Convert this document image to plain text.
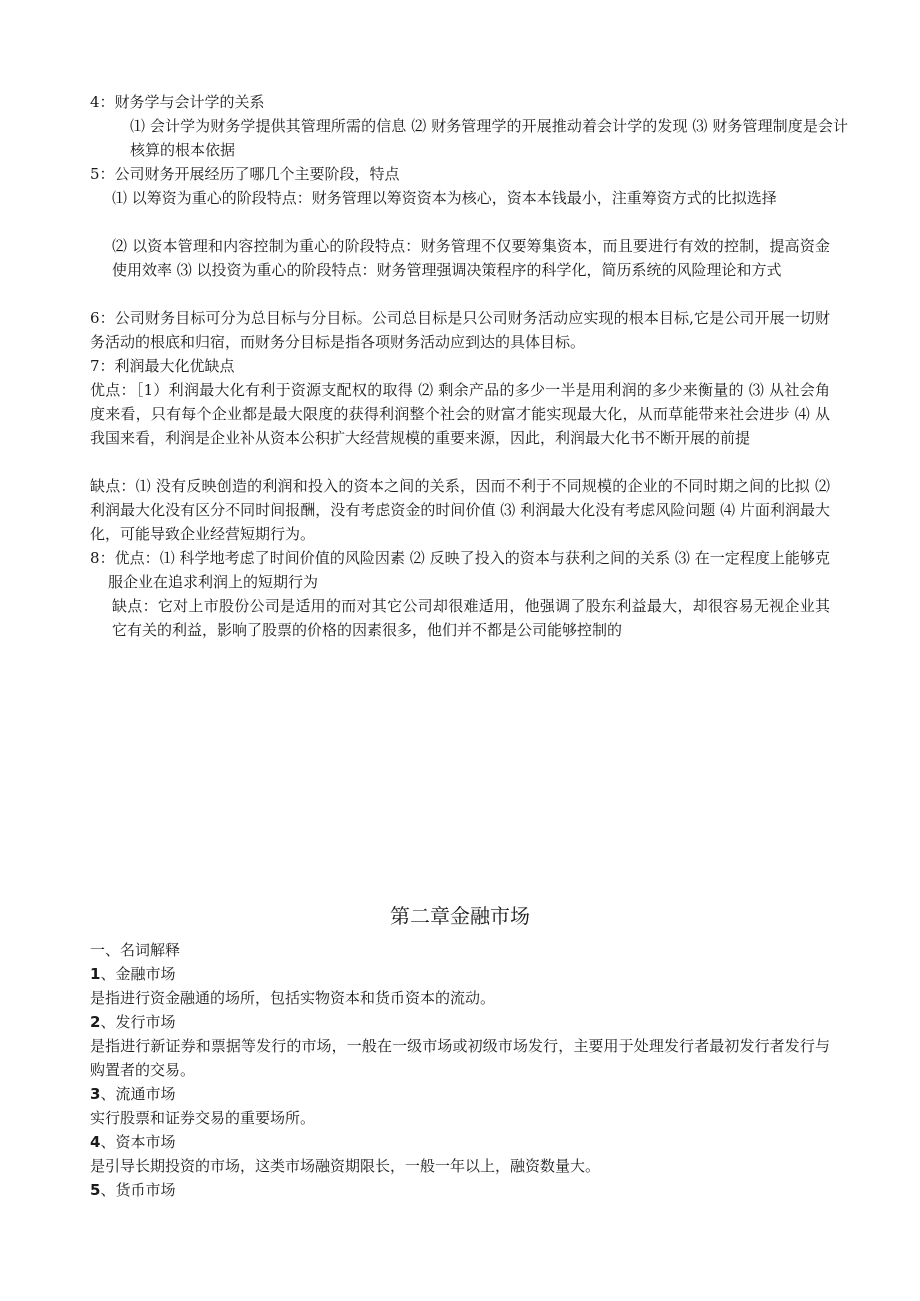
4：财务学与会计学的关系

⑴ 会计学为财务学提供其管理所需的信息 ⑵ 财务管理学的开展推动着会计学的发现 ⑶ 财务管理制度是会计核算的根本依据

5：公司财务开展经历了哪几个主要阶段，特点

⑴ 以筹资为重心的阶段特点：财务管理以筹资资本为核心，资本本钱最小，注重筹资方式的比拟选择

⑵ 以资本管理和内容控制为重心的阶段特点：财务管理不仅要筹集资本，而且要进行有效的控制，提高资金使用效率 ⑶ 以投资为重心的阶段特点：财务管理强调决策程序的科学化，简历系统的风险理论和方式

6：公司财务目标可分为总目标与分目标。公司总目标是只公司财务活动应实现的根本目标,它是公司开展一切财务活动的根底和归宿，而财务分目标是指各项财务活动应到达的具体目标。

7：利润最大化优缺点

优点：［1）利润最大化有利于资源支配权的取得 ⑵ 剩余产品的多少一半是用利润的多少来衡量的 ⑶ 从社会角度来看，只有每个企业都是最大限度的获得利润整个社会的财富才能实现最大化，从而草能带来社会进步 ⑷ 从我国来看，利润是企业补从资本公积扩大经营规模的重要来源，因此，利润最大化书不断开展的前提

缺点：⑴ 没有反映创造的利润和投入的资本之间的关系，因而不利于不同规模的企业的不同时期之间的比拟 ⑵ 利润最大化没有区分不同时间报酬，没有考虑资金的时间价值 ⑶ 利润最大化没有考虑风险问题 ⑷ 片面利润最大化，可能导致企业经营短期行为。

8：优点：⑴ 科学地考虑了时间价值的风险因素 ⑵ 反映了投入的资本与获利之间的关系 ⑶ 在一定程度上能够克服企业在追求利润上的短期行为

缺点：它对上市股份公司是适用的而对其它公司却很难适用，他强调了股东利益最大，却很容易无视企业其它有关的利益，影响了股票的价格的因素很多，他们并不都是公司能够控制的

第二章金融市场

一、名词解释

1、金融市场

是指进行资金融通的场所，包括实物资本和货币资本的流动。

2、发行市场

是指进行新证券和票据等发行的市场，一般在一级市场或初级市场发行，主要用于处理发行者最初发行者发行与购置者的交易。

3、流通市场

实行股票和证券交易的重要场所。

4、资本市场

是引导长期投资的市场，这类市场融资期限长，一般一年以上，融资数量大。

5、货币市场
